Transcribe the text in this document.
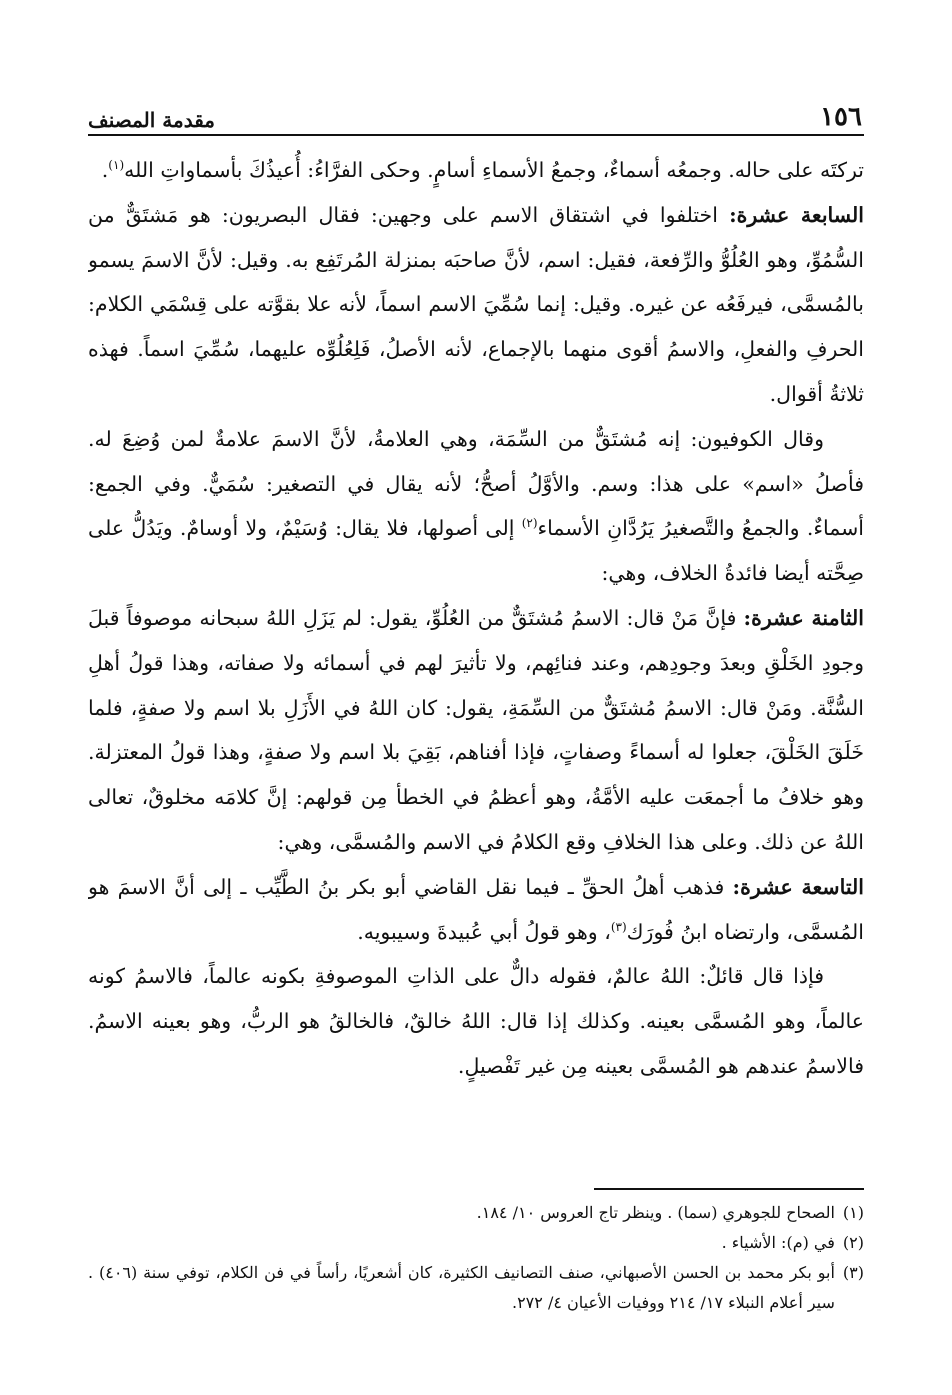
١٥٦
مقدمة المصنف

تركتَه على حاله. وجمعُه أسماءٌ، وجمعُ الأسماءِ أسامٍ. وحكى الفرَّاءُ: أُعيذُكَ بأسماواتِ الله$^{(١)}$.

السابعة عشرة: اختلفوا في اشتقاق الاسم على وجهين: فقال البصريون: هو مَشتَقٌّ من السُّمُوِّ، وهو العُلُوُّ والرِّفعة، فقيل: اسم، لأنَّ صاحبَه بمنزلة المُرتَفِع به. وقيل: لأنَّ الاسمَ يسمو بالمُسمَّى، فيرفَعُه عن غيره. وقيل: إنما سُمِّيَ الاسم اسماً، لأنه علا بقوَّته على قِسْمَي الكلام: الحرفِ والفعلِ، والاسمُ أقوى منهما بالإجماع، لأنه الأصلُ، فَلِعُلُوِّه عليهما، سُمِّيَ اسماً. فهذه ثلاثةُ أقوال.

وقال الكوفيون: إنه مُشتَقٌّ من السِّمَة، وهي العلامةُ، لأنَّ الاسمَ علامةٌ لمن وُضِعَ له. فأصلُ «اسم» على هذا: وسم. والأوَّلُ أصحُّ؛ لأنه يقال في التصغير: سُمَيٌّ. وفي الجمع: أسماءٌ. والجمعُ والتَّصغيرُ يَرُدَّانِ الأسماء$^{(٢)}$ إلى أصولها، فلا يقال: وُسَيْمٌ، ولا أوسامٌ. ويَدُلُّ على صِحَّته أيضا فائدةُ الخلاف، وهي:

الثامنة عشرة: فإنَّ مَنْ قال: الاسمُ مُشتَقٌّ من العُلُوِّ، يقول: لم يَزَلِ اللهُ سبحانه موصوفاً قبلَ وجودِ الخَلْقِ وبعدَ وجودِهم، وعند فنائِهم، ولا تأثيرَ لهم في أسمائه ولا صفاته، وهذا قولُ أهلِ السُّنَّة. ومَنْ قال: الاسمُ مُشتَقٌّ من السِّمَةِ، يقول: كان اللهُ في الأَزَلِ بلا اسم ولا صفةٍ، فلما خَلَقَ الخَلْقَ، جعلوا له أسماءً وصفاتٍ، فإذا أفناهم، بَقِيَ بلا اسم ولا صفةٍ، وهذا قولُ المعتزلة. وهو خلافُ ما أجمعَت عليه الأمَّةُ، وهو أعظمُ في الخطأ مِن قولهم: إنَّ كلامَه مخلوقٌ، تعالى اللهُ عن ذلك. وعلى هذا الخلافِ وقع الكلامُ في الاسم والمُسمَّى، وهي:

التاسعة عشرة: فذهب أهلُ الحقِّ ـ فيما نقل القاضي أبو بكر بنُ الطَّيِّب ـ إلى أنَّ الاسمَ هو المُسمَّى، وارتضاه ابنُ فُورَك$^{(٣)}$، وهو قولُ أبي عُبيدةَ وسيبويه.

فإذا قال قائلٌ: اللهُ عالمٌ، فقوله دالٌّ على الذاتِ الموصوفةِ بكونه عالماً، فالاسمُ كونه عالماً، وهو المُسمَّى بعينه. وكذلك إذا قال: اللهُ خالقٌ، فالخالقُ هو الربُّ، وهو بعينه الاسمُ. فالاسمُ عندهم هو المُسمَّى بعينه مِن غير تَفْصيلٍ.

(١)
الصحاح للجوهري (سما) . وينظر تاج العروس ١٠/ ١٨٤.
(٢)
في (م): الأشياء .
(٣)
أبو بكر محمد بن الحسن الأصبهاني، صنف التصانيف الكثيرة، كان أشعريًا، رأساً في فن الكلام، توفي سنة (٤٠٦) . سير أعلام النبلاء ١٧/ ٢١٤ ووفيات الأعيان ٤/ ٢٧٢.
